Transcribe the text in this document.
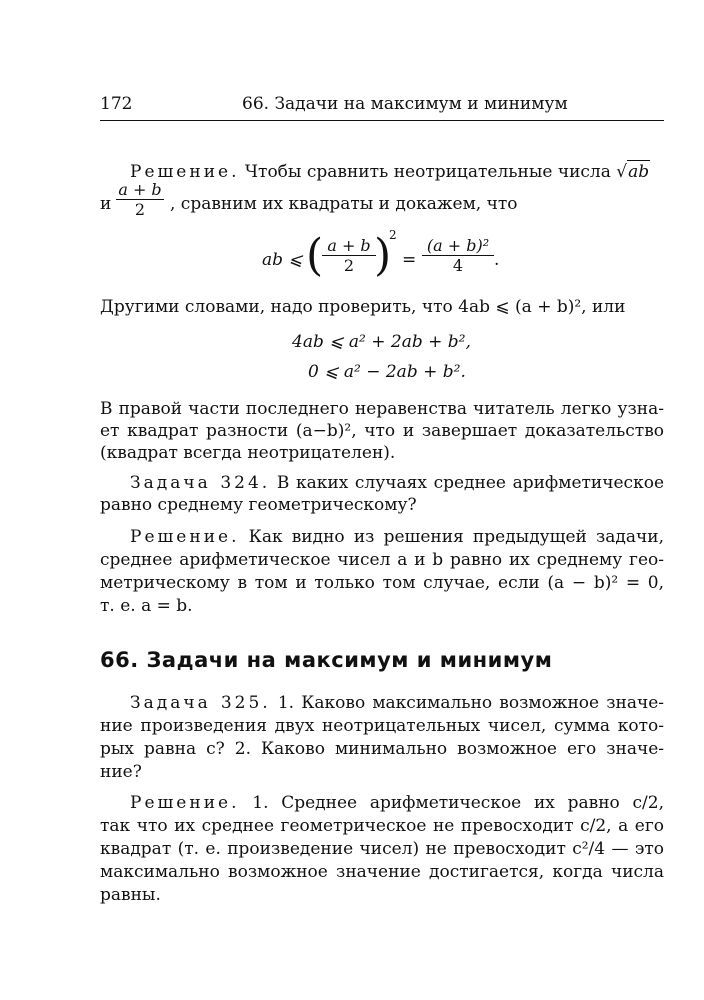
172	66. Задачи на максимум и минимум
Решение. Чтобы сравнить неотрицательные числа √ab
и $\frac{a + b}{2}$ , сравним их квадраты и докажем, что
ab ⩽ (
$\frac{a + b}{2}$
)
2
= $\frac{\text{(a + b)²}}{4}$ .
Другими словами, надо проверить, что 4ab ⩽ (a + b)², или
4ab ⩽ a² + 2ab + b²,
0 ⩽ a² − 2ab + b².
В правой части последнего неравенства читатель легко узна-
ет квадрат разности (a−b)², что и завершает доказательство
(квадрат всегда неотрицателен).
Задача 324. В каких случаях среднее арифметическое
равно среднему геометрическому?
Решение. Как видно из решения предыдущей задачи,
среднее арифметическое чисел a и b равно их среднему гео-
метрическому в том и только том случае, если (a − b)² = 0,
т. е. a = b.
66. Задачи на максимум и минимум
Задача 325. 1. Каково максимально возможное значе-
ние произведения двух неотрицательных чисел, сумма кото-
рых равна c? 2. Каково минимально возможное его значе-
ние?
Решение. 1. Среднее арифметическое их равно c/2,
так что их среднее геометрическое не превосходит c/2, а его
квадрат (т. е. произведение чисел) не превосходит c²/4 — это
максимально возможное значение достигается, когда числа
равны.
